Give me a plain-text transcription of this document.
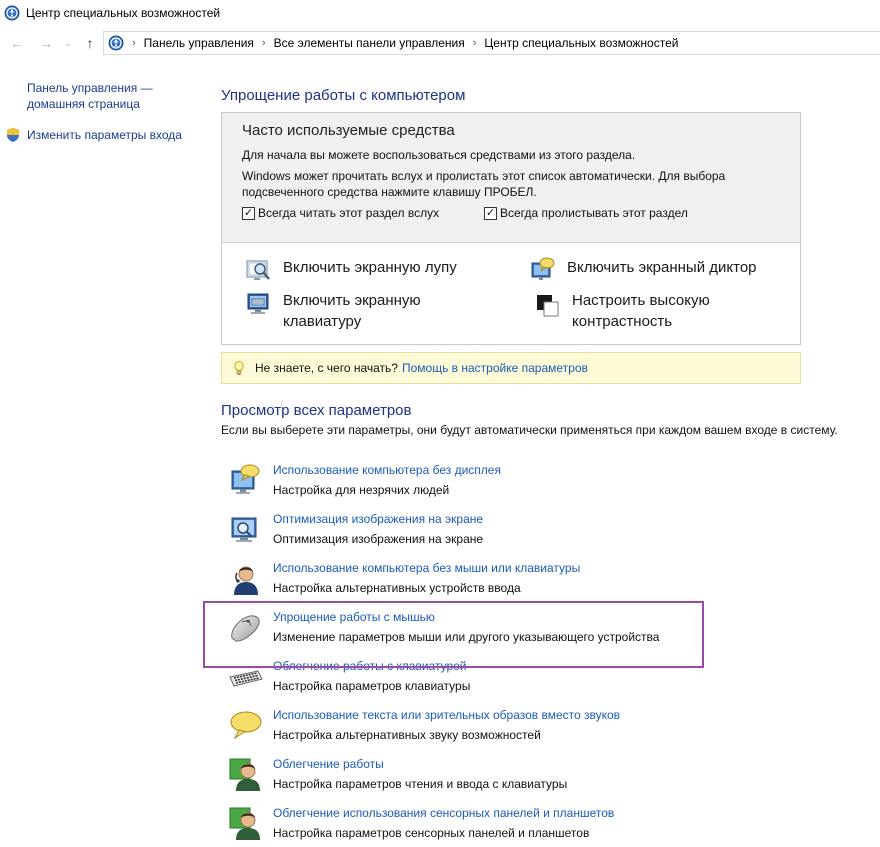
Центр специальных возможностей
← → ⌄	↑	› Панель управления › Все элементы панели управления › Центр специальных возможностей
Панель управления —
домашняя страница
Изменить параметры входа
Упрощение работы с компьютером
Часто используемые средства
Для начала вы можете воспользоваться средствами из этого раздела.
Windows может прочитать вслух и пролистать этот список автоматически. Для выбора
подсвеченного средства нажмите клавишу ПРОБЕЛ.
✓ Всегда читать этот раздел вслух	✓ Всегда пролистывать этот раздел
Включить экранную лупу	Включить экранный диктор
Включить экранную
клавиатуру
Настроить высокую
контрастность
Не знаете, с чего начать? Помощь в настройке параметров
Просмотр всех параметров
Если вы выберете эти параметры, они будут автоматически применяться при каждом вашем входе в систему.
Использование компьютера без дисплея
Настройка для незрячих людей
Оптимизация изображения на экране
Оптимизация изображения на экране
Использование компьютера без мыши или клавиатуры
Настройка альтернативных устройств ввода
Упрощение работы с мышью
Изменение параметров мыши или другого указывающего устройства
Облегчение работы с клавиатурой
Настройка параметров клавиатуры
Использование текста или зрительных образов вместо звуков
Настройка альтернативных звуку возможностей
Облегчение работы
Настройка параметров чтения и ввода с клавиатуры
Облегчение использования сенсорных панелей и планшетов
Настройка параметров сенсорных панелей и планшетов
